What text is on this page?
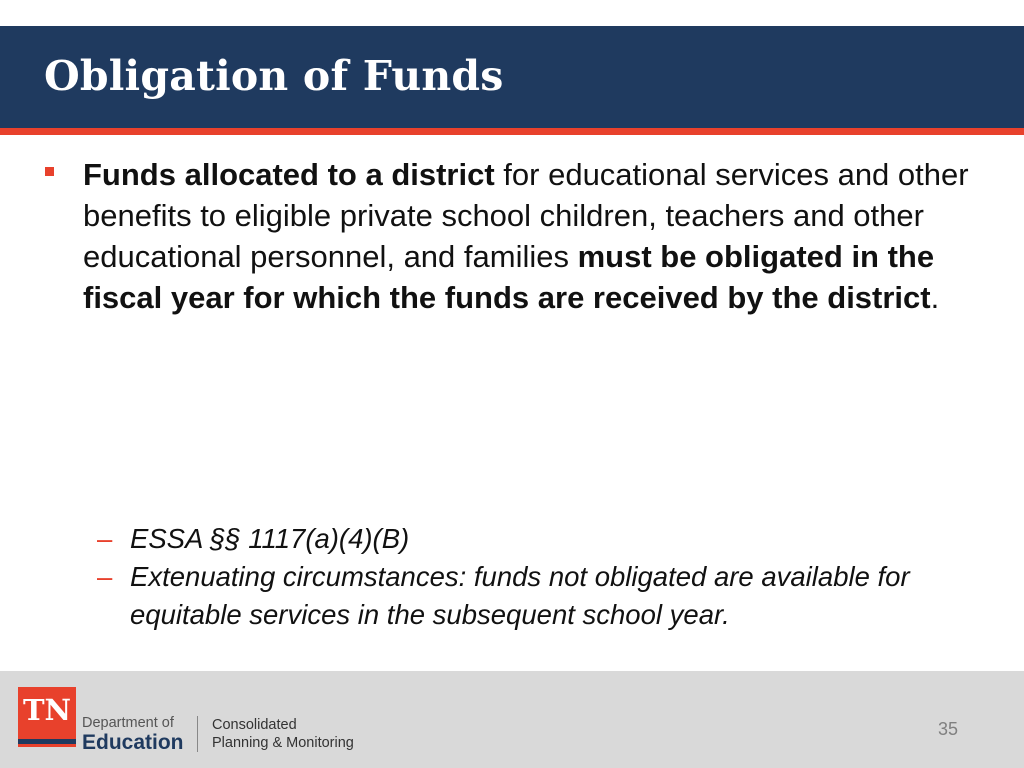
Obligation of Funds
Funds allocated to a district for educational services and other benefits to eligible private school children, teachers and other educational personnel, and families must be obligated in the fiscal year for which the funds are received by the district.
– ESSA §§ 1117(a)(4)(B)
– Extenuating circumstances: funds not obligated are available for equitable services in the subsequent school year.
TN Department of
Education
Consolidated
Planning & Monitoring
35
